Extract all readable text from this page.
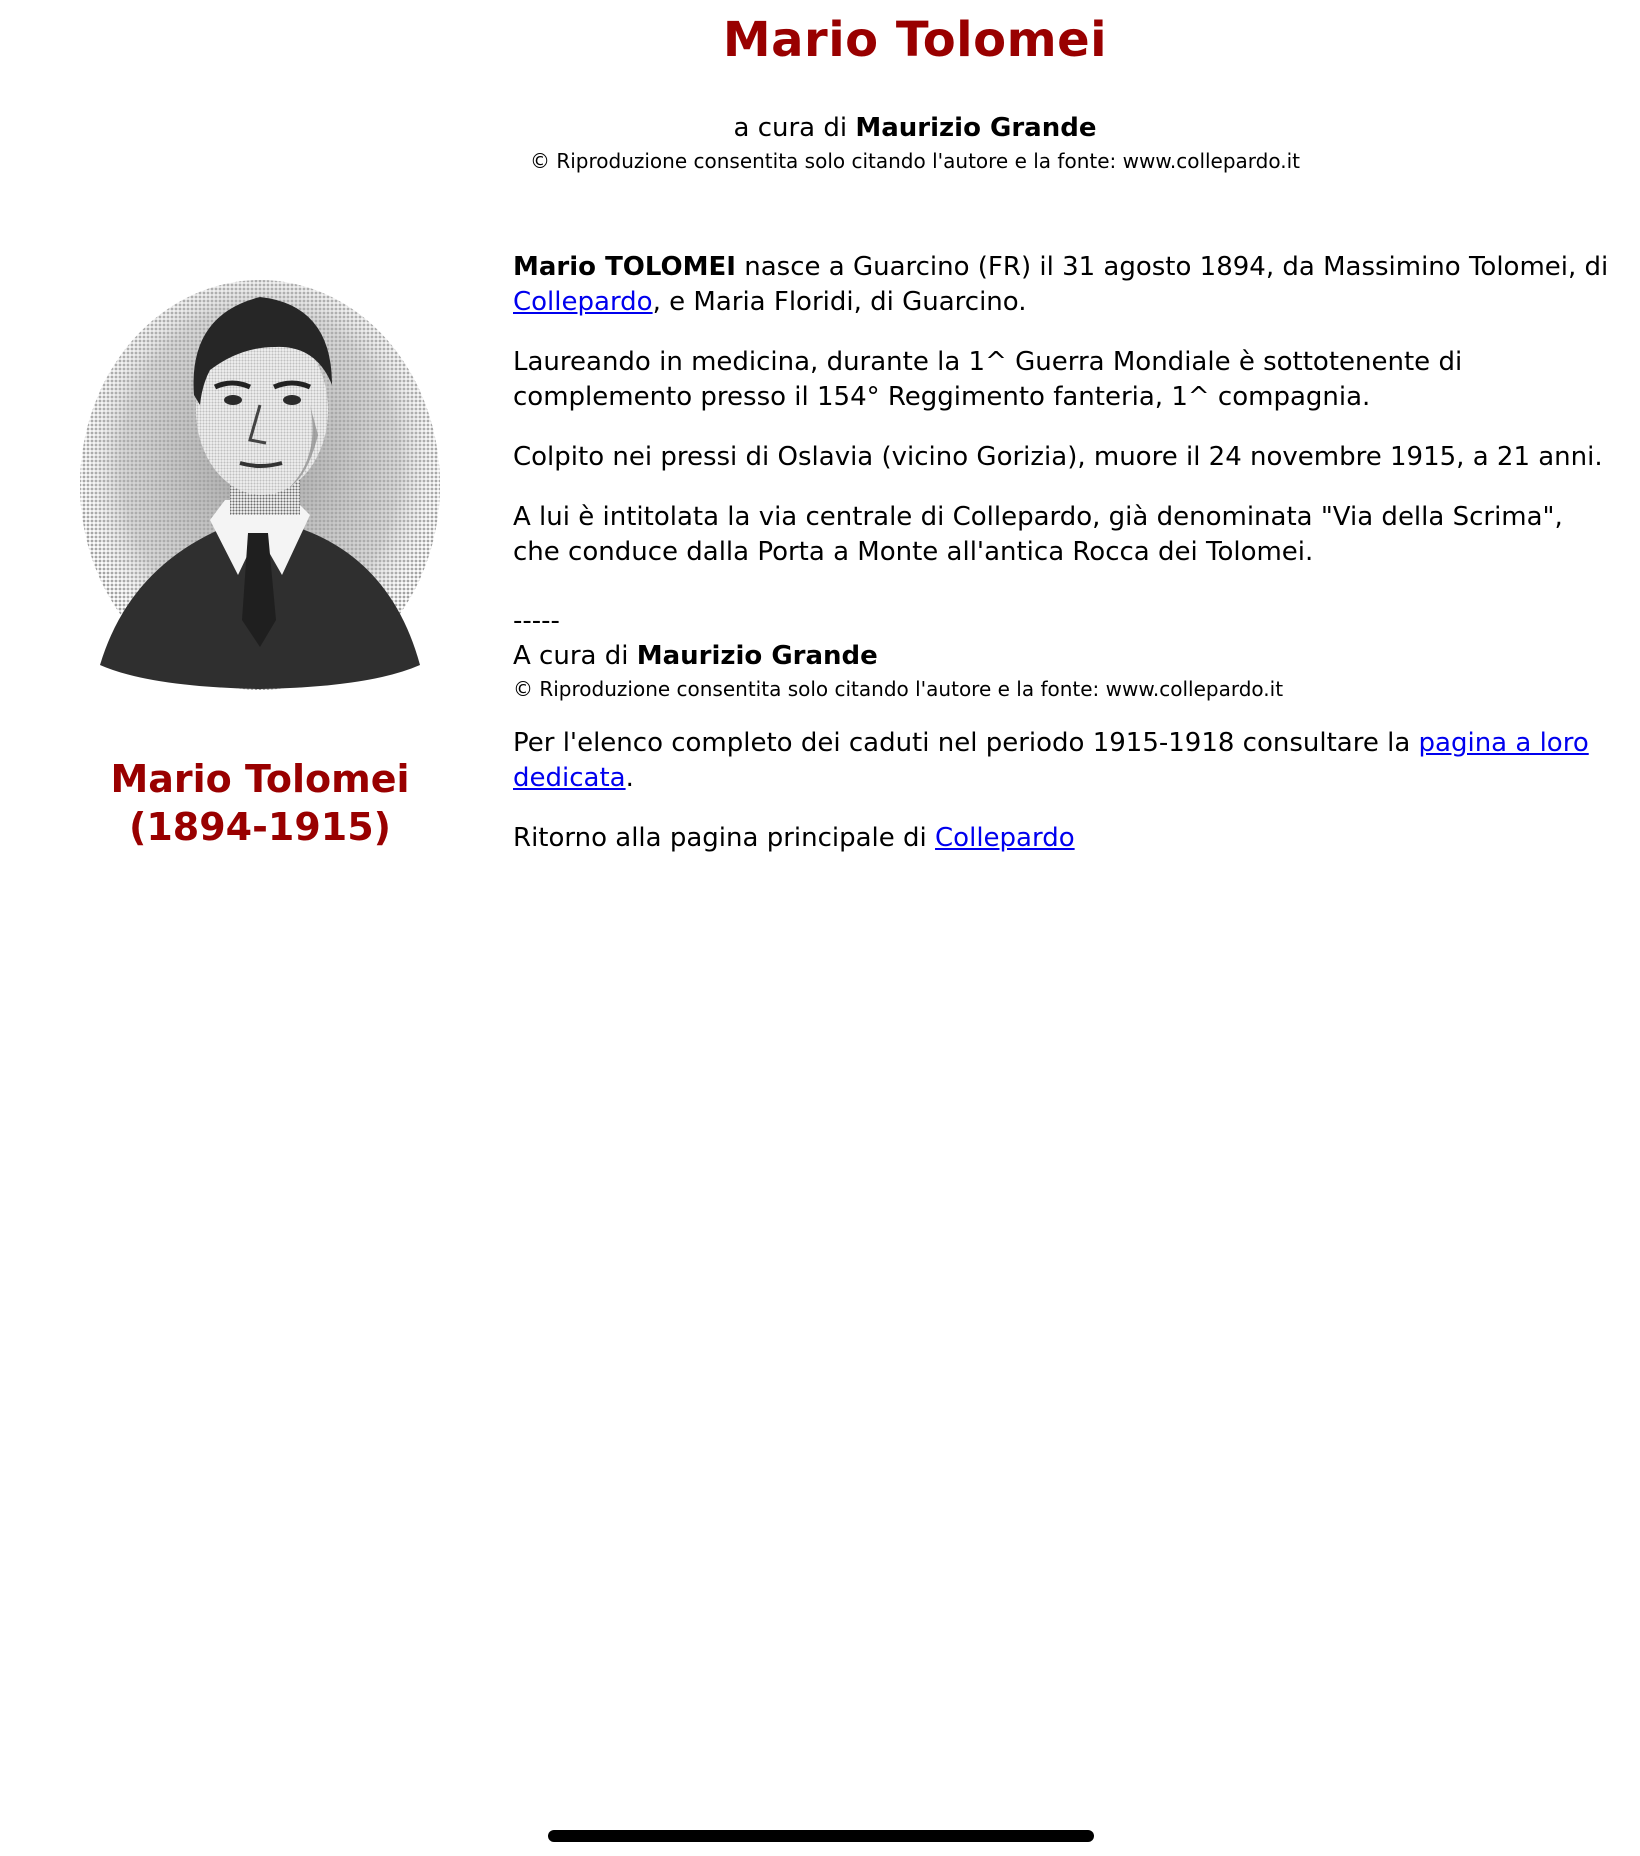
Mario Tolomei
a cura di Maurizio Grande
© Riproduzione consentita solo citando l'autore e la fonte: www.collepardo.it
Mario Tolomei
(1894-1915)

Mario TOLOMEI nasce a Guarcino (FR) il 31 agosto 1894, da Massimino Tolomei, di Collepardo, e Maria Floridi, di Guarcino.

Laureando in medicina, durante la 1^ Guerra Mondiale è sottotenente di complemento presso il 154° Reggimento fanteria, 1^ compagnia.

Colpito nei pressi di Oslavia (vicino Gorizia), muore il 24 novembre 1915, a 21 anni.

A lui è intitolata la via centrale di Collepardo, già denominata "Via della Scrima", che conduce dalla Porta a Monte all'antica Rocca dei Tolomei.

-----
A cura di Maurizio Grande
© Riproduzione consentita solo citando l'autore e la fonte: www.collepardo.it

Per l'elenco completo dei caduti nel periodo 1915-1918 consultare la pagina a loro dedicata.

Ritorno alla pagina principale di Collepardo
